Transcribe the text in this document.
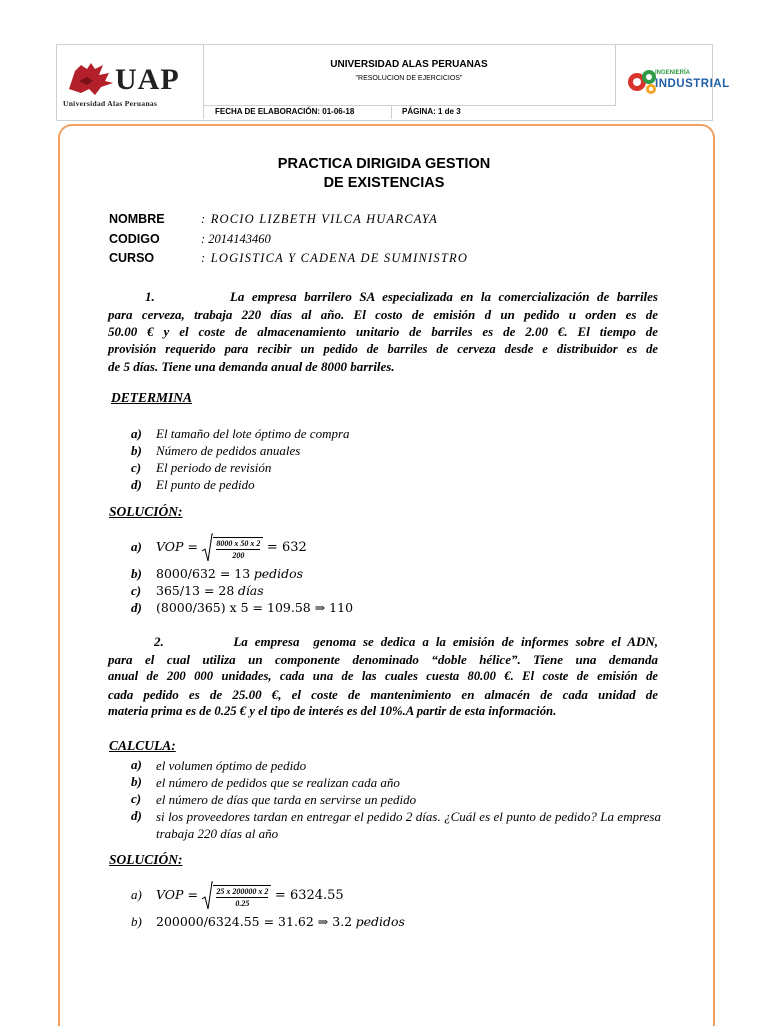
UAP
Universidad Alas Peruanas
UNIVERSIDAD ALAS PERUANAS
"RESOLUCION DE EJERCICIOS"
FECHA DE ELABORACIÓN: 01-06-18	PÁGINA: 1 de 3
INGENIERÍA
INDUSTRIAL
PRACTICA DIRIGIDA GESTION
DE EXISTENCIAS
NOMBRE	: ROCIO LIZBETH VILCA HUARCAYA
CODIGO	: 2014143460
CURSO	: LOGISTICA Y CADENA DE SUMINISTRO
1.          La empresa barrilero SA especializada en la comercialización de barriles
para cerveza, trabaja 220 días al año. El costo de emisión d un pedido u orden es de
50.00 € y el coste de almacenamiento unitario de barriles es de 2.00 €. El tiempo de
provisión requerido para recibir un pedido de barriles de cerveza desde e distribuidor es de
de 5 días. Tiene una demanda anual de 8000 barriles.
DETERMINA
a) El tamaño del lote óptimo de compra
b) Número de pedidos anuales
c) El periodo de revisión
d) El punto de pedido
SOLUCIÓN:
a) VOP = $\frac{8000 x 50 x 2}{200} = 632$
b) 8000/632 = 13 pedidos
c) 365/13 = 28 días
d) (8000/365) x 5 = 109.58 ⇒ 110
2.          La empresa  genoma se dedica a la emisión de informes sobre el ADN,
para el cual utiliza un componente denominado “doble hélice”. Tiene una demanda
anual de 200 000 unidades, cada una de las cuales cuesta 80.00 €. El coste de emisión de
cada pedido es de 25.00 €, el coste de mantenimiento en almacén de cada unidad de
materia prima es de 0.25 € y el tipo de interés es del 10%.A partir de esta información.
CALCULA:
a) el volumen óptimo de pedido
b) el número de pedidos que se realizan cada año
c) el número de días que tarda en servirse un pedido
d) si los proveedores tardan en entregar el pedido 2 días. ¿Cuál es el punto de pedido? La empresa trabaja 220 días al año
SOLUCIÓN:
a) VOP = $\frac{25 x 200000 x 2}{0.25} = 6324.55$
b) 200000/6324.55 = 31.62 ⇒ 3.2 pedidos
